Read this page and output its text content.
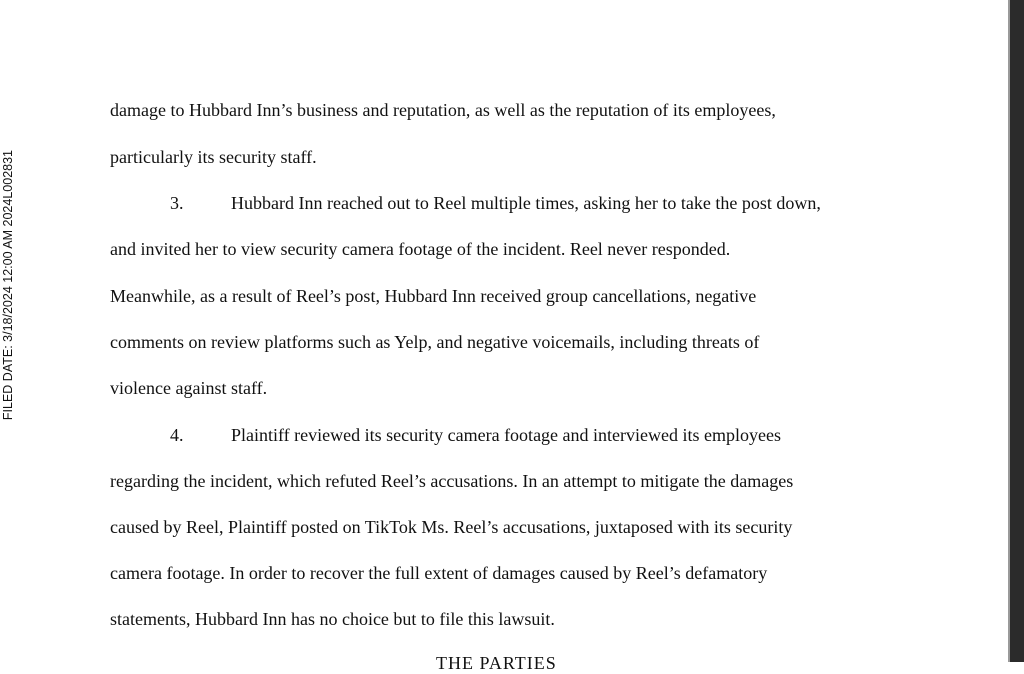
FILED DATE: 3/18/2024 12:00 AM 2024L002831
damage to Hubbard Inn’s business and reputation, as well as the reputation of its employees,
particularly its security staff.
3.	Hubbard Inn reached out to Reel multiple times, asking her to take the post down,
and invited her to view security camera footage of the incident. Reel never responded.
Meanwhile, as a result of Reel’s post, Hubbard Inn received group cancellations, negative
comments on review platforms such as Yelp, and negative voicemails, including threats of
violence against staff.
4.	Plaintiff reviewed its security camera footage and interviewed its employees
regarding the incident, which refuted Reel’s accusations. In an attempt to mitigate the damages
caused by Reel, Plaintiff posted on TikTok Ms. Reel’s accusations, juxtaposed with its security
camera footage. In order to recover the full extent of damages caused by Reel’s defamatory
statements, Hubbard Inn has no choice but to file this lawsuit.
THE PARTIES
